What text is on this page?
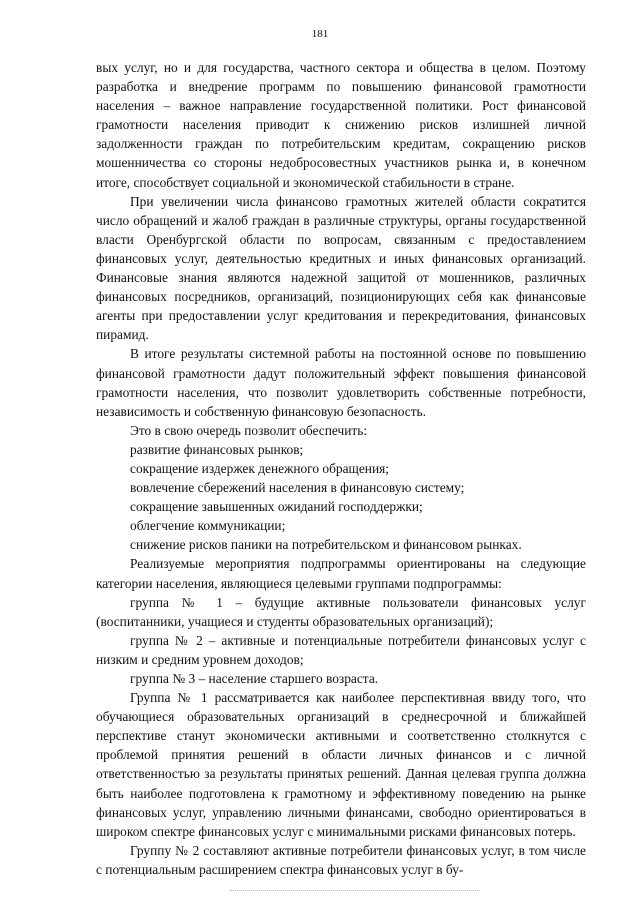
181

вых услуг, но и для государства, частного сектора и общества в целом. Поэтому разработка и внедрение программ по повышению финансовой грамотности населения – важное направление государственной политики. Рост финансовой грамотности населения приводит к снижению рисков излишней личной задолженности граждан по потребительским кредитам, сокращению рисков мошенничества со стороны недобросовестных участников рынка и, в конечном итоге, способствует социальной и экономической стабильности в стране.

При увеличении числа финансово грамотных жителей области сократится число обращений и жалоб граждан в различные структуры, органы государственной власти Оренбургской области по вопросам, связанным с предоставлением финансовых услуг, деятельностью кредитных и иных финансовых организаций. Финансовые знания являются надежной защитой от мошенников, различных финансовых посредников, организаций, позиционирующих себя как финансовые агенты при предоставлении услуг кредитования и перекредитования, финансовых пирамид.

В итоге результаты системной работы на постоянной основе по повышению финансовой грамотности дадут положительный эффект повышения финансовой грамотности населения, что позволит удовлетворить собственные потребности, независимость и собственную финансовую безопасность.

Это в свою очередь позволит обеспечить:

развитие финансовых рынков;

сокращение издержек денежного обращения;

вовлечение сбережений населения в финансовую систему;

сокращение завышенных ожиданий господдержки;

облегчение коммуникации;

снижение рисков паники на потребительском и финансовом рынках.

Реализуемые мероприятия подпрограммы ориентированы на следующие категории населения, являющиеся целевыми группами подпрограммы:

группа № 1 – будущие активные пользователи финансовых услуг (воспитанники, учащиеся и студенты образовательных организаций);

группа № 2 – активные и потенциальные потребители финансовых услуг с низким и средним уровнем доходов;

группа № 3 – население старшего возраста.

Группа № 1 рассматривается как наиболее перспективная ввиду того, что обучающиеся образовательных организаций в среднесрочной и ближайшей перспективе станут экономически активными и соответственно столкнутся с проблемой принятия решений в области личных финансов и с личной ответственностью за результаты принятых решений. Данная целевая группа должна быть наиболее подготовлена к грамотному и эффективному поведению на рынке финансовых услуг, управлению личными финансами, свободно ориентироваться в широком спектре финансовых услуг с минимальными рисками финансовых потерь.

Группу № 2 составляют активные потребители финансовых услуг, в том числе с потенциальным расширением спектра финансовых услуг в бу-
